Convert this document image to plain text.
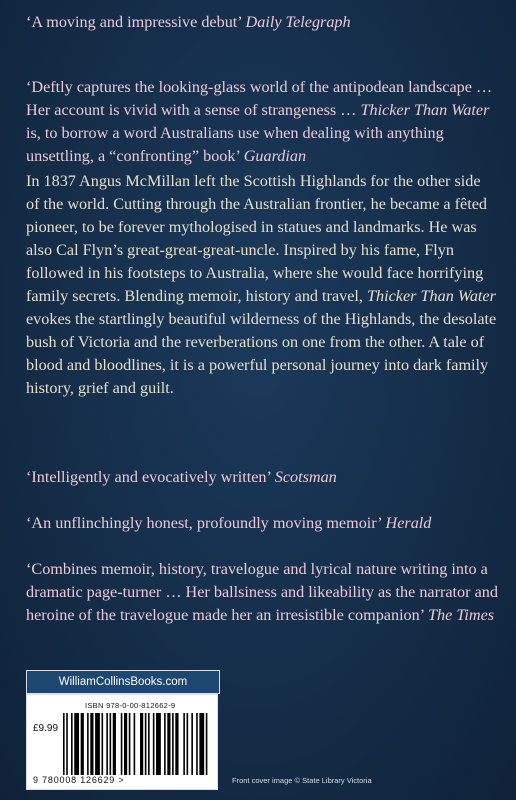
‘A moving and impressive debut’ Daily Telegraph
‘Deftly captures the looking-glass world of the antipodean landscape … Her account is vivid with a sense of strangeness … Thicker Than Water is, to borrow a word Australians use when dealing with anything unsettling, a “confronting” book’ Guardian
In 1837 Angus McMillan left the Scottish Highlands for the other side of the world. Cutting through the Australian frontier, he became a fêted pioneer, to be forever mythologised in statues and landmarks. He was also Cal Flyn’s great-great-great-uncle. Inspired by his fame, Flyn followed in his footsteps to Australia, where she would face horrifying family secrets. Blending memoir, history and travel, Thicker Than Water evokes the startlingly beautiful wilderness of the Highlands, the desolate bush of Victoria and the reverberations on one from the other. A tale of blood and bloodlines, it is a powerful personal journey into dark family history, grief and guilt.
‘Intelligently and evocatively written’ Scotsman
‘An unflinchingly honest, profoundly moving memoir’ Herald
‘Combines memoir, history, travelogue and lyrical nature writing into a dramatic page-turner … Her ballsiness and likeability as the narrator and heroine of the travelogue made her an irresistible companion’ The Times
WilliamCollinsBooks.com
ISBN 978-0-00-812662-9
£9.99
9 780008 126629 >	Front cover image © State Library Victoria
